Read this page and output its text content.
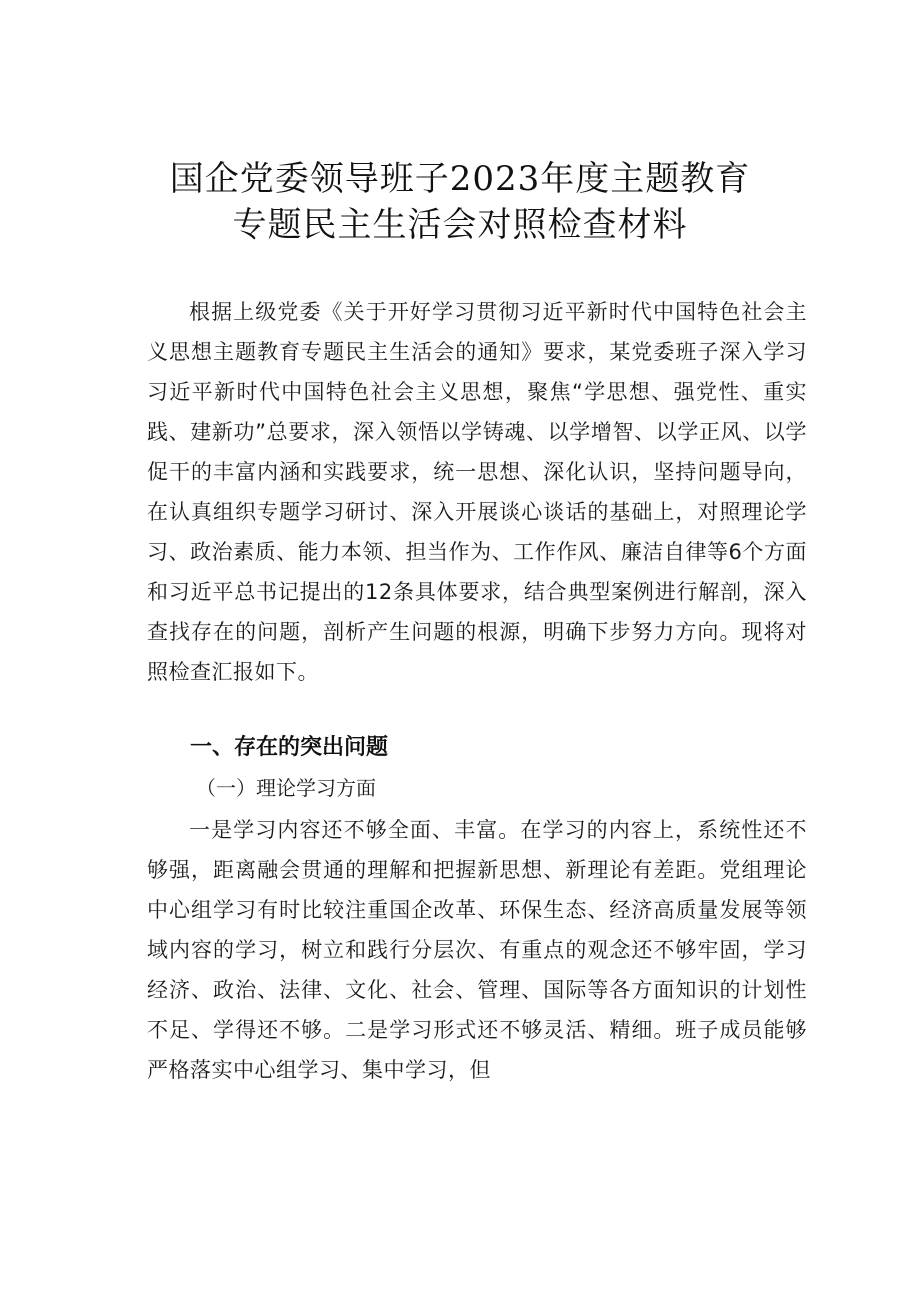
国企党委领导班子2023年度主题教育
专题民主生活会对照检查材料

根据上级党委《关于开好学习贯彻习近平新时代中国特色社会主义思想主题教育专题民主生活会的通知》要求，某党委班子深入学习习近平新时代中国特色社会主义思想，聚焦“学思想、强党性、重实践、建新功”总要求，深入领悟以学铸魂、以学增智、以学正风、以学促干的丰富内涵和实践要求，统一思想、深化认识，坚持问题导向，在认真组织专题学习研讨、深入开展谈心谈话的基础上，对照理论学习、政治素质、能力本领、担当作为、工作作风、廉洁自律等6个方面和习近平总书记提出的12条具体要求，结合典型案例进行解剖，深入查找存在的问题，剖析产生问题的根源，明确下步努力方向。现将对照检查汇报如下。

一、存在的突出问题
（一）理论学习方面

一是学习内容还不够全面、丰富。在学习的内容上，系统性还不够强，距离融会贯通的理解和把握新思想、新理论有差距。党组理论中心组学习有时比较注重国企改革、环保生态、经济高质量发展等领域内容的学习，树立和践行分层次、有重点的观念还不够牢固，学习经济、政治、法律、文化、社会、管理、国际等各方面知识的计划性不足、学得还不够。二是学习形式还不够灵活、精细。班子成员能够严格落实中心组学习、集中学习，但
